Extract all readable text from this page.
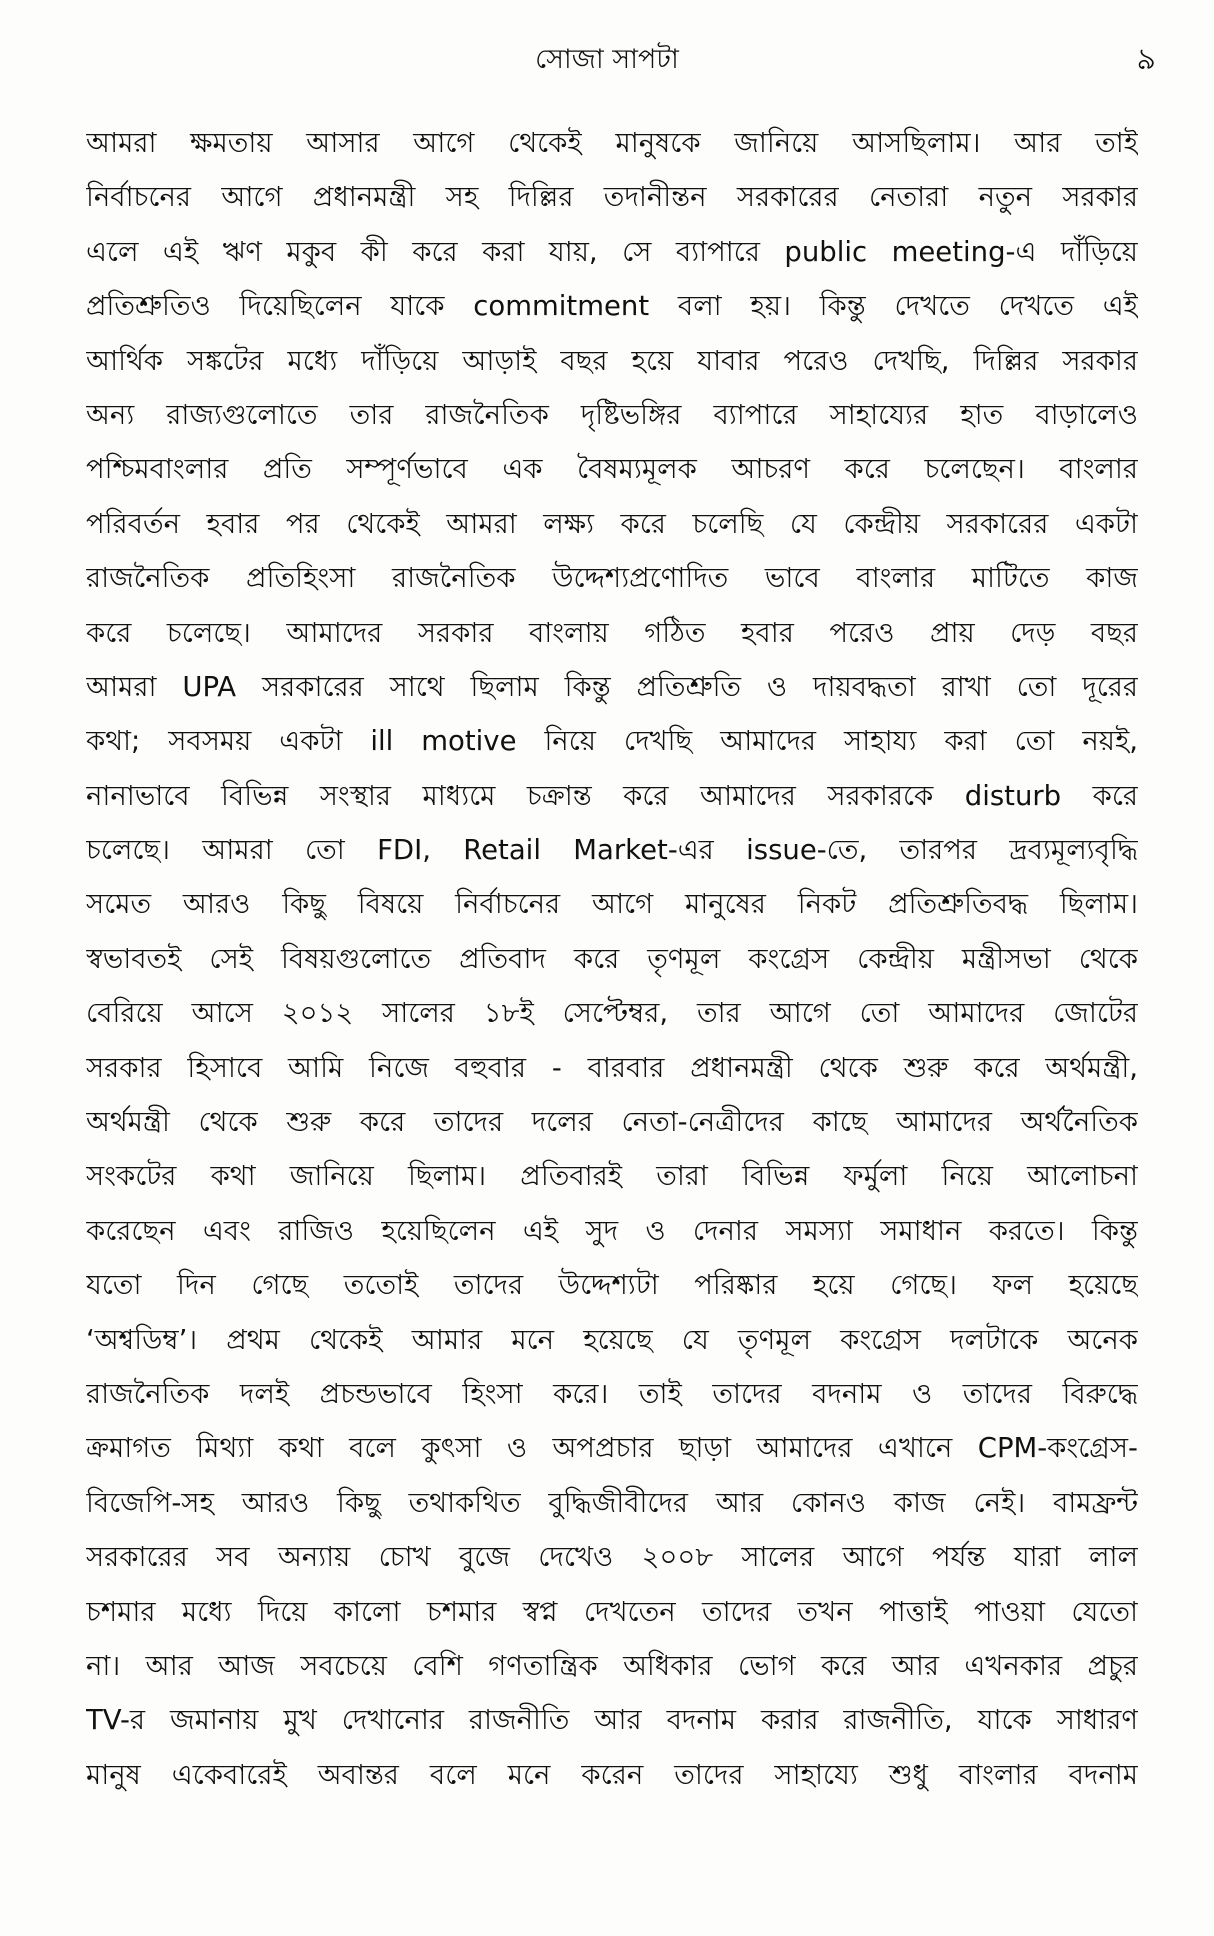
সোজা সাপটা	৯
আমরা ক্ষমতায় আসার আগে থেকেই মানুষকে জানিয়ে আসছিলাম। আর তাই
নির্বাচনের আগে প্রধানমন্ত্রী সহ দিল্লির তদানীন্তন সরকারের নেতারা নতুন সরকার
এলে এই ঋণ মকুব কী করে করা যায়, সে ব্যাপারে public meeting-এ দাঁড়িয়ে
প্রতিশ্রুতিও দিয়েছিলেন যাকে commitment বলা হয়। কিন্তু দেখতে দেখতে এই
আর্থিক সঙ্কটের মধ্যে দাঁড়িয়ে আড়াই বছর হয়ে যাবার পরেও দেখছি, দিল্লির সরকার
অন্য রাজ্যগুলোতে তার রাজনৈতিক দৃষ্টিভঙ্গির ব্যাপারে সাহায্যের হাত বাড়ালেও
পশ্চিমবাংলার প্রতি সম্পূর্ণভাবে এক বৈষম্যমূলক আচরণ করে চলেছেন। বাংলার
পরিবর্তন হবার পর থেকেই আমরা লক্ষ্য করে চলেছি যে কেন্দ্রীয় সরকারের একটা
রাজনৈতিক প্রতিহিংসা রাজনৈতিক উদ্দেশ্যপ্রণোদিত ভাবে বাংলার মাটিতে কাজ
করে চলেছে। আমাদের সরকার বাংলায় গঠিত হবার পরেও প্রায় দেড় বছর
আমরা UPA সরকারের সাথে ছিলাম কিন্তু প্রতিশ্রুতি ও দায়বদ্ধতা রাখা তো দূরের
কথা; সবসময় একটা ill motive নিয়ে দেখছি আমাদের সাহায্য করা তো নয়ই,
নানাভাবে বিভিন্ন সংস্থার মাধ্যমে চক্রান্ত করে আমাদের সরকারকে disturb করে
চলেছে। আমরা তো FDI, Retail Market-এর issue-তে, তারপর দ্রব্যমূল্যবৃদ্ধি
সমেত আরও কিছু বিষয়ে নির্বাচনের আগে মানুষের নিকট প্রতিশ্রুতিবদ্ধ ছিলাম।
স্বভাবতই সেই বিষয়গুলোতে প্রতিবাদ করে তৃণমূল কংগ্রেস কেন্দ্রীয় মন্ত্রীসভা থেকে
বেরিয়ে আসে ২০১২ সালের ১৮ই সেপ্টেম্বর, তার আগে তো আমাদের জোটের
সরকার হিসাবে আমি নিজে বহুবার - বারবার প্রধানমন্ত্রী থেকে শুরু করে অর্থমন্ত্রী,
অর্থমন্ত্রী থেকে শুরু করে তাদের দলের নেতা-নেত্রীদের কাছে আমাদের অর্থনৈতিক
সংকটের কথা জানিয়ে ছিলাম। প্রতিবারই তারা বিভিন্ন ফর্মুলা নিয়ে আলোচনা
করেছেন এবং রাজিও হয়েছিলেন এই সুদ ও দেনার সমস্যা সমাধান করতে। কিন্তু
যতো দিন গেছে ততোই তাদের উদ্দেশ্যটা পরিষ্কার হয়ে গেছে। ফল হয়েছে
‘অশ্বডিম্ব’। প্রথম থেকেই আমার মনে হয়েছে যে তৃণমূল কংগ্রেস দলটাকে অনেক
রাজনৈতিক দলই প্রচন্ডভাবে হিংসা করে। তাই তাদের বদনাম ও তাদের বিরুদ্ধে
ক্রমাগত মিথ্যা কথা বলে কুৎসা ও অপপ্রচার ছাড়া আমাদের এখানে CPM-কংগ্রেস-
বিজেপি-সহ আরও কিছু তথাকথিত বুদ্ধিজীবীদের আর কোনও কাজ নেই। বামফ্রন্ট
সরকারের সব অন্যায় চোখ বুজে দেখেও ২০০৮ সালের আগে পর্যন্ত যারা লাল
চশমার মধ্যে দিয়ে কালো চশমার স্বপ্ন দেখতেন তাদের তখন পাত্তাই পাওয়া যেতো
না। আর আজ সবচেয়ে বেশি গণতান্ত্রিক অধিকার ভোগ করে আর এখনকার প্রচুর
TV-র জমানায় মুখ দেখানোর রাজনীতি আর বদনাম করার রাজনীতি, যাকে সাধারণ
মানুষ একেবারেই অবান্তর বলে মনে করেন তাদের সাহায্যে শুধু বাংলার বদনাম
